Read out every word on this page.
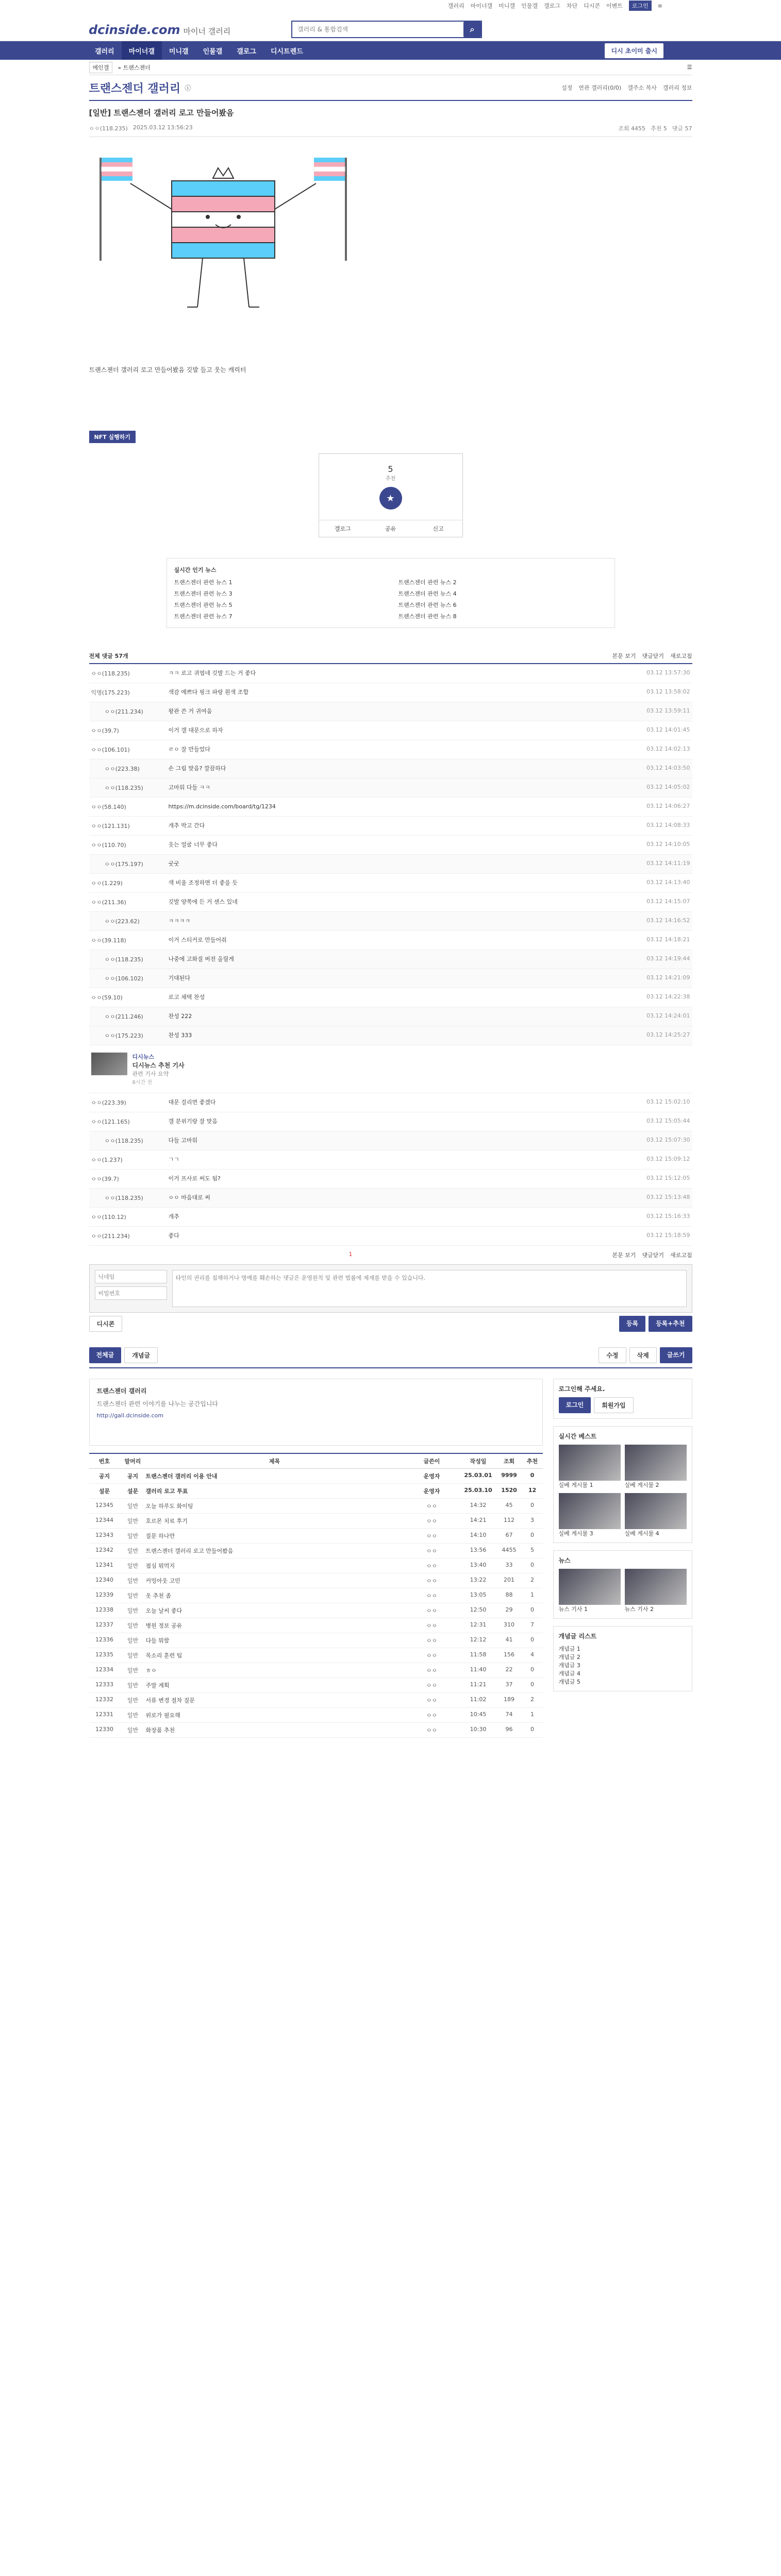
갤러리 마이너갤 미니갤 인물갤 갤로그 차단 디시콘 이벤트	로그인	≡
dcinside.com 마이너 갤러리
갤러리 & 통합검색	⌕
갤러리	마이너갤	미니갤	인물갤	갤로그	디시트렌드	디시 초이미 출시
메인갤	» 트랜스젠더	☰
트랜스젠더 갤러리 ⓘ	설정 연관 갤러리(0/0) 갤주소 복사 갤러리 정보
[일반] 트랜스젠더 갤러리 로고 만들어봤음
ㅇㅇ(118.235) 2025.03.12 13:56:23	조회 4455 추천 5 댓글 57

트랜스젠더 갤러리 로고 만들어봤음 깃발 들고 웃는 캐릭터

NFT 실행하기
5
추천
★
갤로그	공유	신고
실시간 인기 뉴스
트랜스젠더 관련 뉴스 1	트랜스젠더 관련 뉴스 2
트랜스젠더 관련 뉴스 3	트랜스젠더 관련 뉴스 4
트랜스젠더 관련 뉴스 5	트랜스젠더 관련 뉴스 6
트랜스젠더 관련 뉴스 7	트랜스젠더 관련 뉴스 8
전체 댓글 57개	본문 보기 댓글닫기 새로고침
ㅇㅇ(118.235)	ㅋㅋ 로고 귀엽네 깃발 드는 거 좋다	03.12 13:57:30
익명(175.223)	색감 예쁘다 핑크 파랑 흰색 조합	03.12 13:58:02
ㅇㅇ(211.234)	왕관 쓴 거 귀여움	03.12 13:59:11
ㅇㅇ(39.7)	이거 갤 대문으로 하자	03.12 14:01:45
ㅇㅇ(106.101)	ㄹㅇ 잘 만들었다	03.12 14:02:13
ㅇㅇ(223.38)	손 그림 맞음? 깔끔하다	03.12 14:03:50
ㅇㅇ(118.235)	고마워 다들 ㅋㅋ	03.12 14:05:02
ㅇㅇ(58.140)	https://m.dcinside.com/board/tg/1234	03.12 14:06:27
ㅇㅇ(121.131)	개추 박고 간다	03.12 14:08:33
ㅇㅇ(110.70)	웃는 얼굴 너무 좋다	03.12 14:10:05
ㅇㅇ(175.197)	굿굿	03.12 14:11:19
ㅇㅇ(1.229)	색 비율 조정하면 더 좋을 듯	03.12 14:13:40
ㅇㅇ(211.36)	깃발 양쪽에 든 거 센스 있네	03.12 14:15:07
ㅇㅇ(223.62)	ㅋㅋㅋㅋ	03.12 14:16:52
ㅇㅇ(39.118)	이거 스티커로 만들어줘	03.12 14:18:21
ㅇㅇ(118.235)	나중에 고화질 버전 올릴게	03.12 14:19:44
ㅇㅇ(106.102)	기대된다	03.12 14:21:09
ㅇㅇ(59.10)	로고 채택 찬성	03.12 14:22:38
ㅇㅇ(211.246)	찬성 222	03.12 14:24:01
ㅇㅇ(175.223)	찬성 333	03.12 14:25:27
디시뉴스
디시뉴스 추천 기사
관련 기사 요약
8시간 전
ㅇㅇ(223.39)	대문 걸리면 좋겠다	03.12 15:02:10
ㅇㅇ(121.165)	갤 분위기랑 잘 맞음	03.12 15:05:44
ㅇㅇ(118.235)	다들 고마워	03.12 15:07:30
ㅇㅇ(1.237)	ㄱㄱ	03.12 15:09:12
ㅇㅇ(39.7)	이거 프사로 써도 됨?	03.12 15:12:05
ㅇㅇ(118.235)	ㅇㅇ 마음대로 써	03.12 15:13:48
ㅇㅇ(110.12)	개추	03.12 15:16:33
ㅇㅇ(211.234)	좋다	03.12 15:18:59
1	본문 보기 댓글닫기 새로고침
닉네임
비밀번호
타인의 권리를 침해하거나 명예를 훼손하는 댓글은 운영원칙 및 관련 법률에 제재를 받을 수 있습니다.
디시콘	등록	등록+추천
전체글	개념글	수정	삭제	글쓰기
트랜스젠더 갤러리

트랜스젠더 관련 이야기를 나누는 공간입니다

http://gall.dcinside.com

번호	말머리	제목	글쓴이	작성일	조회	추천
공지	공지	트랜스젠더 갤러리 이용 안내	운영자	25.03.01	9999	0
설문	설문	갤러리 로고 투표	운영자	25.03.10	1520	12
12345	일반	오늘 하루도 화이팅	ㅇㅇ	14:32	45	0
12344	일반	호르몬 치료 후기	ㅇㅇ	14:21	112	3
12343	일반	질문 하나만	ㅇㅇ	14:10	67	0
12342	일반	트랜스젠더 갤러리 로고 만들어봤음	ㅇㅇ	13:56	4455	5
12341	일반	점심 뭐먹지	ㅇㅇ	13:40	33	0
12340	일반	커밍아웃 고민	ㅇㅇ	13:22	201	2
12339	일반	옷 추천 좀	ㅇㅇ	13:05	88	1
12338	일반	오늘 날씨 좋다	ㅇㅇ	12:50	29	0
12337	일반	병원 정보 공유	ㅇㅇ	12:31	310	7
12336	일반	다들 뭐함	ㅇㅇ	12:12	41	0
12335	일반	목소리 훈련 팁	ㅇㅇ	11:58	156	4
12334	일반	ㅎㅇ	ㅇㅇ	11:40	22	0
12333	일반	주말 계획	ㅇㅇ	11:21	37	0
12332	일반	서류 변경 절차 질문	ㅇㅇ	11:02	189	2
12331	일반	위로가 필요해	ㅇㅇ	10:45	74	1
12330	일반	화장품 추천	ㅇㅇ	10:30	96	0
로그인해 주세요.
로그인	회원가입
실시간 베스트

실베 게시물 1	실베 게시물 2

실베 게시물 3	실베 게시물 4

뉴스

뉴스 기사 1	뉴스 기사 2

개념글 리스트

개념글 1

개념글 2

개념글 3

개념글 4

개념글 5
